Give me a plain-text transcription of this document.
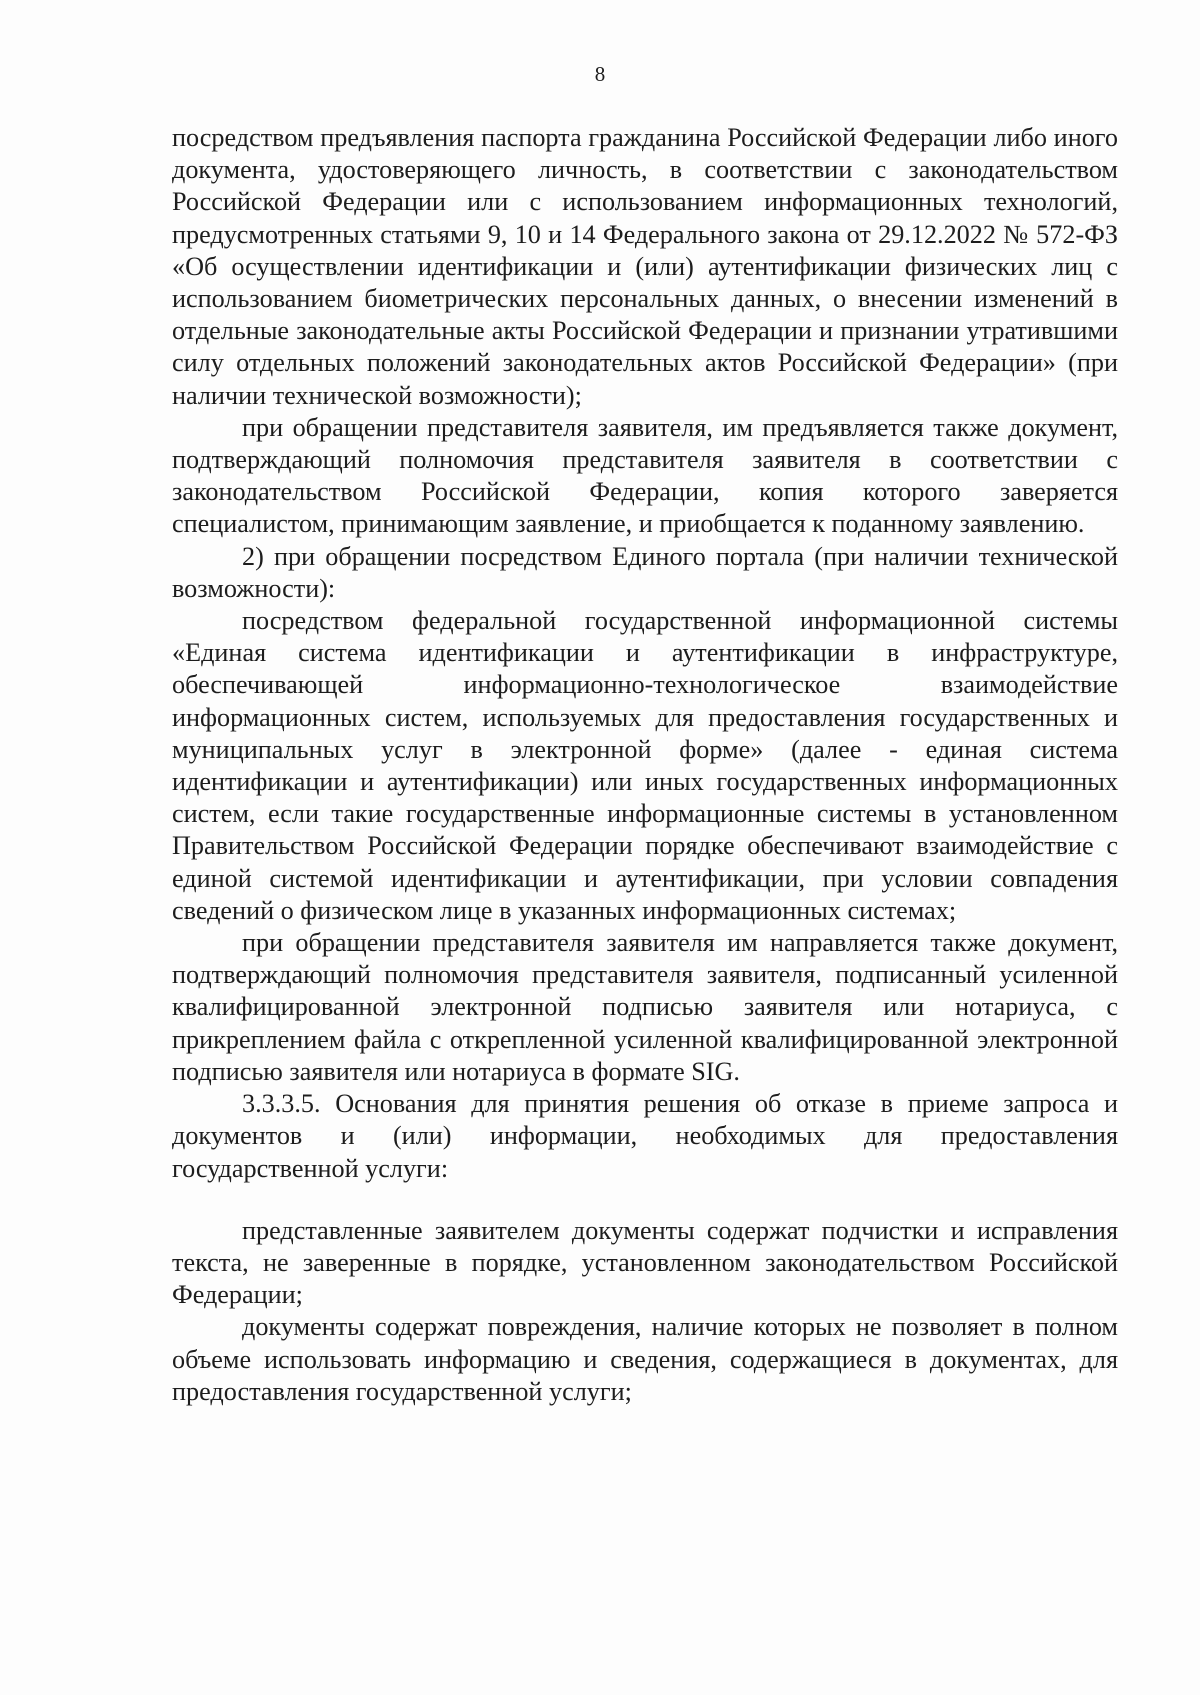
8

посредством предъявления паспорта гражданина Российской Федерации либо иного документа, удостоверяющего личность, в соответствии с законодательством Российской Федерации или с использованием информационных технологий, предусмотренных статьями 9, 10 и 14 Федерального закона от 29.12.2022 № 572-ФЗ «Об осуществлении идентификации и (или) аутентификации физических лиц с использованием биометрических персональных данных, о внесении изменений в отдельные законодательные акты Российской Федерации и признании утратившими силу отдельных положений законодательных актов Российской Федерации» (при наличии технической возможности);

при обращении представителя заявителя, им предъявляется также документ, подтверждающий полномочия представителя заявителя в соответствии с законодательством Российской Федерации, копия которого заверяется специалистом, принимающим заявление, и приобщается к поданному заявлению.

2) при обращении посредством Единого портала (при наличии технической возможности):

посредством федеральной государственной информационной системы «Единая система идентификации и аутентификации в инфраструктуре, обеспечивающей информационно-технологическое взаимодействие информационных систем, используемых для предоставления государственных и муниципальных услуг в электронной форме» (далее - единая система идентификации и аутентификации) или иных государственных информационных систем, если такие государственные информационные системы в установленном Правительством Российской Федерации порядке обеспечивают взаимодействие с единой системой идентификации и аутентификации, при условии совпадения сведений о физическом лице в указанных информационных системах;

при обращении представителя заявителя им направляется также документ, подтверждающий полномочия представителя заявителя, подписанный усиленной квалифицированной электронной подписью заявителя или нотариуса, с прикреплением файла с открепленной усиленной квалифицированной электронной подписью заявителя или нотариуса в формате SIG.

3.3.3.5. Основания для принятия решения об отказе в приеме запроса и документов и (или) информации, необходимых для предоставления государственной услуги:

представленные заявителем документы содержат подчистки и исправления текста, не заверенные в порядке, установленном законодательством Российской Федерации;

документы содержат повреждения, наличие которых не позволяет в полном объеме использовать информацию и сведения, содержащиеся в документах, для предоставления государственной услуги;
